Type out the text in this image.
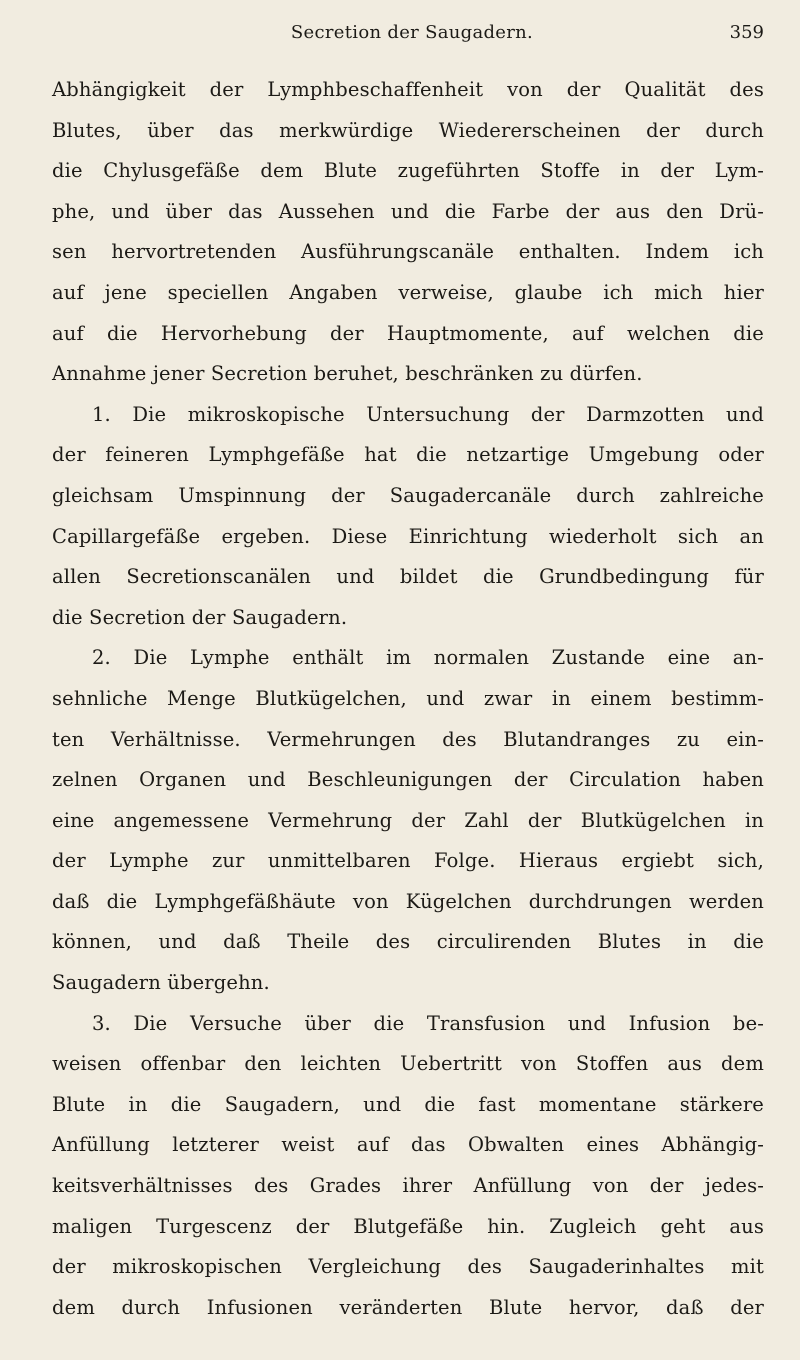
Secretion der Saugadern.	359
Abhängigkeit der Lymphbeschaffenheit von der Qualität des
Blutes, über das merkwürdige Wiedererscheinen der durch
die Chylusgefäße dem Blute zugeführten Stoffe in der Lym-
phe, und über das Aussehen und die Farbe der aus den Drü-
sen hervortretenden Ausführungscanäle enthalten. Indem ich
auf jene speciellen Angaben verweise, glaube ich mich hier
auf die Hervorhebung der Hauptmomente, auf welchen die
Annahme jener Secretion beruhet, beschränken zu dürfen.
1. Die mikroskopische Untersuchung der Darmzotten und
der feineren Lymphgefäße hat die netzartige Umgebung oder
gleichsam Umspinnung der Saugadercanäle durch zahlreiche
Capillargefäße ergeben. Diese Einrichtung wiederholt sich an
allen Secretionscanälen und bildet die Grundbedingung für
die Secretion der Saugadern.
2. Die Lymphe enthält im normalen Zustande eine an-
sehnliche Menge Blutkügelchen, und zwar in einem bestimm-
ten Verhältnisse. Vermehrungen des Blutandranges zu ein-
zelnen Organen und Beschleunigungen der Circulation haben
eine angemessene Vermehrung der Zahl der Blutkügelchen in
der Lymphe zur unmittelbaren Folge. Hieraus ergiebt sich,
daß die Lymphgefäßhäute von Kügelchen durchdrungen werden
können, und daß Theile des circulirenden Blutes in die
Saugadern übergehn.
3. Die Versuche über die Transfusion und Infusion be-
weisen offenbar den leichten Uebertritt von Stoffen aus dem
Blute in die Saugadern, und die fast momentane stärkere
Anfüllung letzterer weist auf das Obwalten eines Abhängig-
keitsverhältnisses des Grades ihrer Anfüllung von der jedes-
maligen Turgescenz der Blutgefäße hin. Zugleich geht aus
der mikroskopischen Vergleichung des Saugaderinhaltes mit
dem durch Infusionen veränderten Blute hervor, daß der
